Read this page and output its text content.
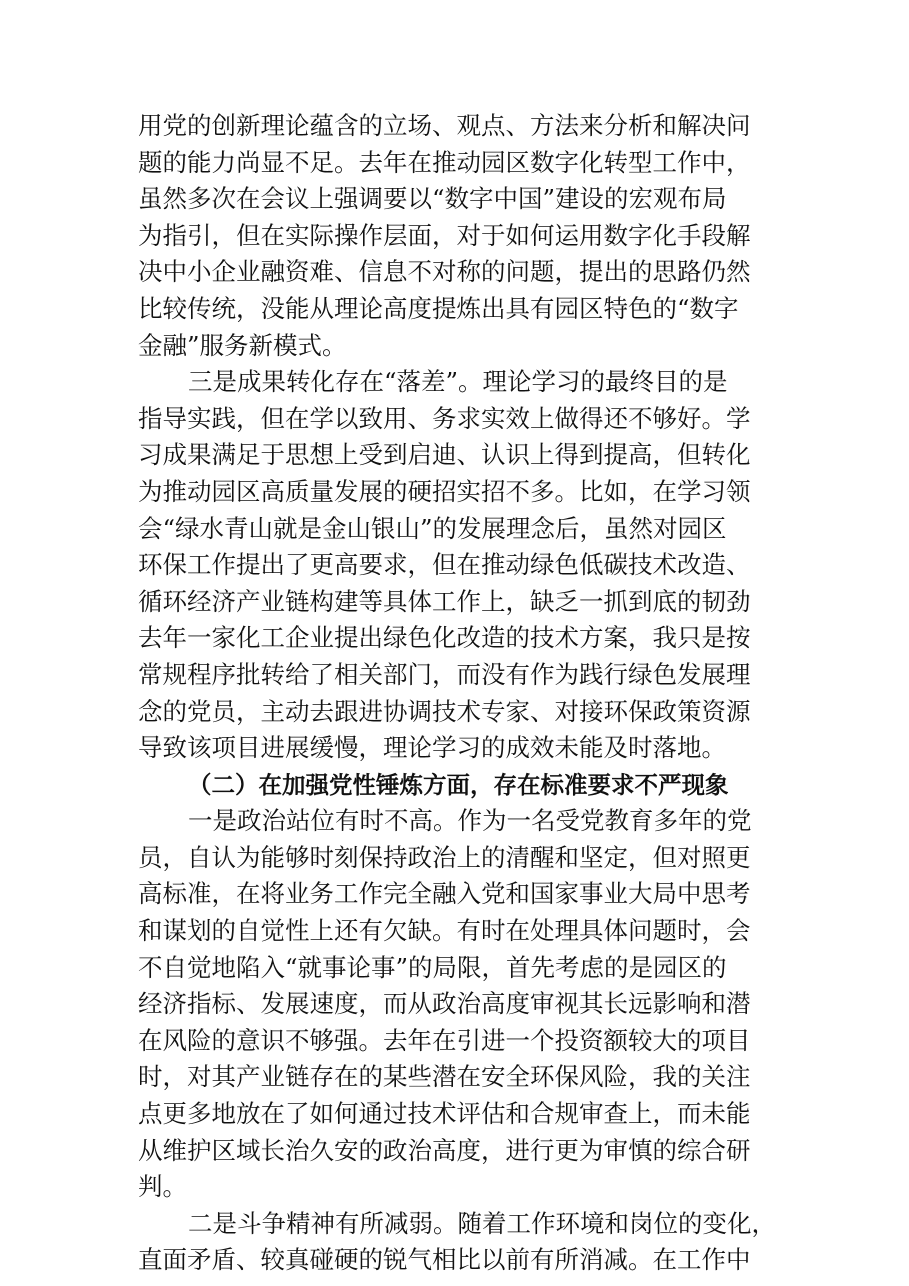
用党的创新理论蕴含的立场、观点、方法来分析和解决问
题的能力尚显不足。去年在推动园区数字化转型工作中，
虽然多次在会议上强调要以“数字中国”建设的宏观布局
为指引，但在实际操作层面，对于如何运用数字化手段解
决中小企业融资难、信息不对称的问题，提出的思路仍然
比较传统，没能从理论高度提炼出具有园区特色的“数字
金融”服务新模式。
三是成果转化存在“落差”。理论学习的最终目的是
指导实践，但在学以致用、务求实效上做得还不够好。学
习成果满足于思想上受到启迪、认识上得到提高，但转化
为推动园区高质量发展的硬招实招不多。比如，在学习领
会“绿水青山就是金山银山”的发展理念后，虽然对园区
环保工作提出了更高要求，但在推动绿色低碳技术改造、
循环经济产业链构建等具体工作上，缺乏一抓到底的韧劲
去年一家化工企业提出绿色化改造的技术方案，我只是按
常规程序批转给了相关部门，而没有作为践行绿色发展理
念的党员，主动去跟进协调技术专家、对接环保政策资源
导致该项目进展缓慢，理论学习的成效未能及时落地。
（二）在加强党性锤炼方面，存在标准要求不严现象
一是政治站位有时不高。作为一名受党教育多年的党
员，自认为能够时刻保持政治上的清醒和坚定，但对照更
高标准，在将业务工作完全融入党和国家事业大局中思考
和谋划的自觉性上还有欠缺。有时在处理具体问题时，会
不自觉地陷入“就事论事”的局限，首先考虑的是园区的
经济指标、发展速度，而从政治高度审视其长远影响和潜
在风险的意识不够强。去年在引进一个投资额较大的项目
时，对其产业链存在的某些潜在安全环保风险，我的关注
点更多地放在了如何通过技术评估和合规审查上，而未能
从维护区域长治久安的政治高度，进行更为审慎的综合研
判。
二是斗争精神有所减弱。随着工作环境和岗位的变化，
直面矛盾、较真碰硬的锐气相比以前有所消减。在工作中
